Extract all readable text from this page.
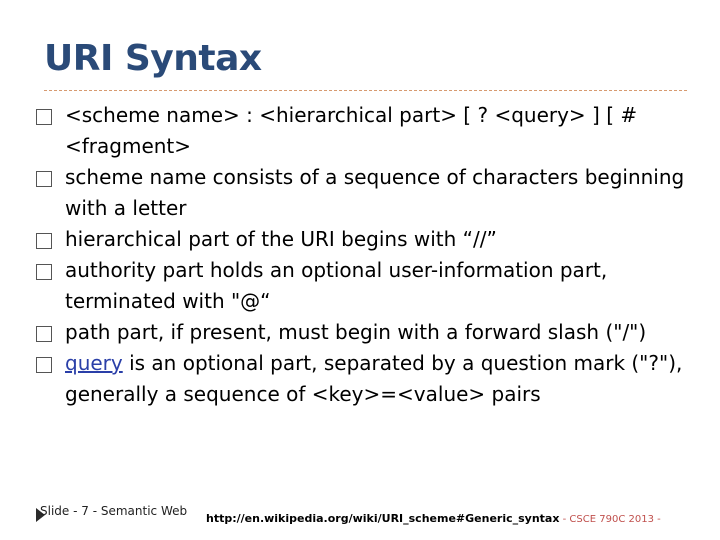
URI Syntax
<scheme name> : <hierarchical part> [ ? <query> ] [ # <fragment>
scheme name consists of a sequence of characters beginning with a letter
hierarchical part of the URI begins with “//”
authority part holds an optional user-information part, terminated with "@“
path part, if present, must begin with a forward slash ("/")
query is an optional part, separated by a question mark ("?"), generally a sequence of <key>=<value> pairs
Slide - 7 - Semantic Web
http://en.wikipedia.org/wiki/URI_scheme#Generic_syntax - CSCE 790C 2013 -
